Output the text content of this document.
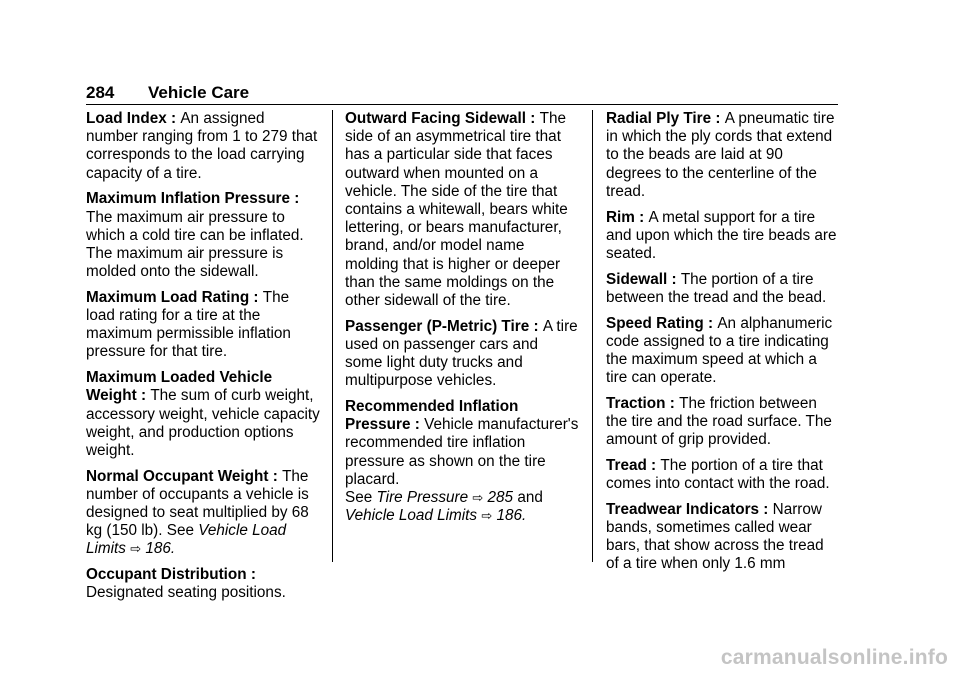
284 Vehicle Care

Load Index : An assigned number ranging from 1 to 279 that corresponds to the load carrying capacity of a tire.

Maximum Inflation Pressure : The maximum air pressure to which a cold tire can be inflated. The maximum air pressure is molded onto the sidewall.

Maximum Load Rating : The load rating for a tire at the maximum permissible inflation pressure for that tire.

Maximum Loaded Vehicle Weight : The sum of curb weight, accessory weight, vehicle capacity weight, and production options weight.

Normal Occupant Weight : The number of occupants a vehicle is designed to seat multiplied by 68 kg (150 lb). See Vehicle Load Limits ⇨ 186.

Occupant Distribution : Designated seating positions.

Outward Facing Sidewall : The side of an asymmetrical tire that has a particular side that faces outward when mounted on a vehicle. The side of the tire that contains a whitewall, bears white lettering, or bears manufacturer, brand, and/or model name molding that is higher or deeper than the same moldings on the other sidewall of the tire.

Passenger (P-Metric) Tire : A tire used on passenger cars and some light duty trucks and multipurpose vehicles.

Recommended Inflation Pressure : Vehicle manufacturer's recommended tire inflation pressure as shown on the tire placard.

See Tire Pressure ⇨ 285 and Vehicle Load Limits ⇨ 186.

Radial Ply Tire : A pneumatic tire in which the ply cords that extend to the beads are laid at 90 degrees to the centerline of the tread.

Rim : A metal support for a tire and upon which the tire beads are seated.

Sidewall : The portion of a tire between the tread and the bead.

Speed Rating : An alphanumeric code assigned to a tire indicating the maximum speed at which a tire can operate.

Traction : The friction between the tire and the road surface. The amount of grip provided.

Tread : The portion of a tire that comes into contact with the road.

Treadwear Indicators : Narrow bands, sometimes called wear bars, that show across the tread of a tire when only 1.6 mm

carmanualsonline.info
